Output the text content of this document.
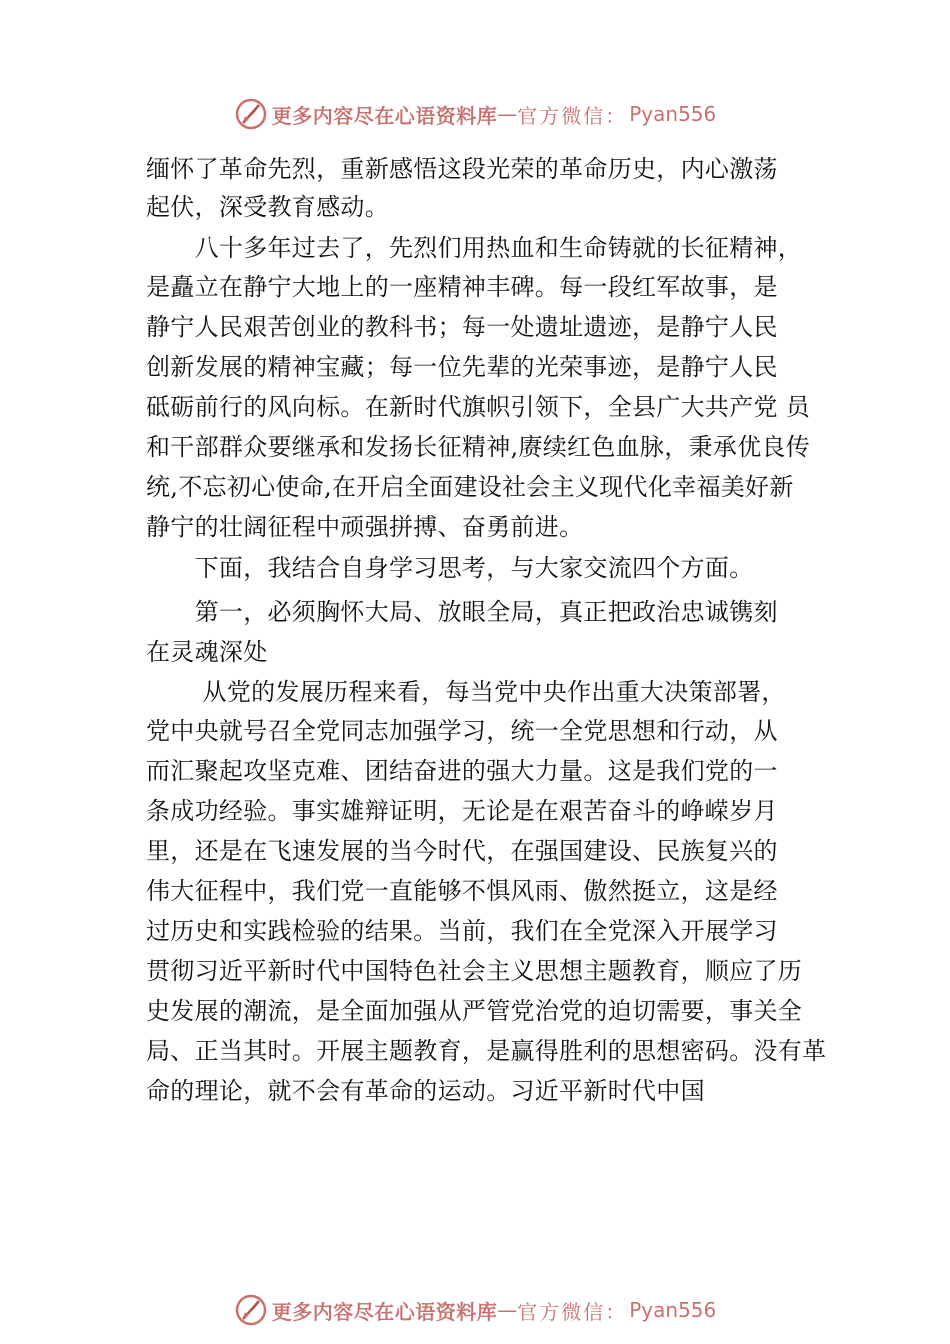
更多内容尽在心语资料库 — 官方微信： Pyan556
缅怀了革命先烈，重新感悟这段光荣的革命历史，内心激荡
起伏，深受教育感动。
　　八十多年过去了，先烈们用热血和生命铸就的长征精神，
是矗立在静宁大地上的一座精神丰碑。每一段红军故事，是
静宁人民艰苦创业的教科书；每一处遗址遗迹，是静宁人民
创新发展的精神宝藏；每一位先辈的光荣事迹，是静宁人民
砥砺前行的风向标。在新时代旗帜引领下，全县广大共产党 员
和干部群众要继承和发扬长征精神,赓续红色血脉，秉承优良传
统,不忘初心使命,在开启全面建设社会主义现代化幸福美好新
静宁的壮阔征程中顽强拼搏、奋勇前进。
　　下面，我结合自身学习思考，与大家交流四个方面。
　　第一，必须胸怀大局、放眼全局，真正把政治忠诚镌刻
在灵魂深处
　　 从党的发展历程来看，每当党中央作出重大决策部署，
党中央就号召全党同志加强学习，统一全党思想和行动，从
而汇聚起攻坚克难、团结奋进的强大力量。这是我们党的一
条成功经验。事实雄辩证明，无论是在艰苦奋斗的峥嵘岁月
里，还是在飞速发展的当今时代，在强国建设、民族复兴的
伟大征程中，我们党一直能够不惧风雨、傲然挺立，这是经
过历史和实践检验的结果。当前，我们在全党深入开展学习
贯彻习近平新时代中国特色社会主义思想主题教育，顺应了历
史发展的潮流，是全面加强从严管党治党的迫切需要，事关全
局、正当其时。开展主题教育，是赢得胜利的思想密码。没有革
命的理论，就不会有革命的运动。习近平新时代中国
更多内容尽在心语资料库 — 官方微信： Pyan556
